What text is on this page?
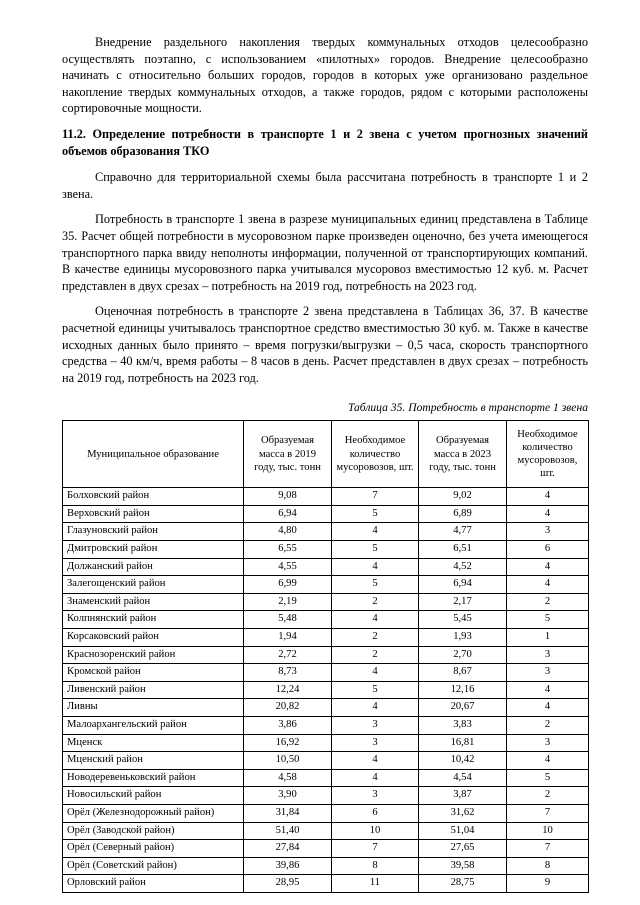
Внедрение раздельного накопления твердых коммунальных отходов целесообразно осуществлять поэтапно, с использованием «пилотных» городов. Внедрение целесообразно начинать с относительно больших городов, городов в которых уже организовано раздельное накопление твердых коммунальных отходов, а также городов, рядом с которыми расположены сортировочные мощности.

11.2. Определение потребности в транспорте 1 и 2 звена с учетом прогнозных значений объемов образования ТКО

Справочно для территориальной схемы была рассчитана потребность в транспорте 1 и 2 звена.

Потребность в транспорте 1 звена в разрезе муниципальных единиц представлена в Таблице 35. Расчет общей потребности в мусоровозном парке произведен оценочно, без учета имеющегося транспортного парка ввиду неполноты информации, полученной от транспортирующих компаний. В качестве единицы мусоровозного парка учитывался мусоровоз вместимостью 12 куб. м. Расчет представлен в двух срезах – потребность на 2019 год, потребность на 2023 год.

Оценочная потребность в транспорте 2 звена представлена в Таблицах 36, 37. В качестве расчетной единицы учитывалось транспортное средство вместимостью 30 куб. м. Также в качестве исходных данных было принято – время погрузки/выгрузки – 0,5 часа, скорость транспортного средства – 40 км/ч, время работы – 8 часов в день. Расчет представлен в двух срезах – потребность на 2019 год, потребность на 2023 год.

Таблица 35. Потребность в транспорте 1 звена
Муниципальное образование	Образуемая масса в 2019 году, тыс. тонн	Необходимое количество мусоровозов, шт.	Образуемая масса в 2023 году, тыс. тонн	Необходимое количество мусоровозов, шт.
Болховский район	9,08	7	9,02	4
Верховский район	6,94	5	6,89	4
Глазуновский район	4,80	4	4,77	3
Дмитровский район	6,55	5	6,51	6
Должанский район	4,55	4	4,52	4
Залегощенский район	6,99	5	6,94	4
Знаменский район	2,19	2	2,17	2
Колпнянский район	5,48	4	5,45	5
Корсаковский район	1,94	2	1,93	1
Краснозоренский район	2,72	2	2,70	3
Кромской район	8,73	4	8,67	3
Ливенский район	12,24	5	12,16	4
Ливны	20,82	4	20,67	4
Малоархангельский район	3,86	3	3,83	2
Мценск	16,92	3	16,81	3
Мценский район	10,50	4	10,42	4
Новодеревеньковский район	4,58	4	4,54	5
Новосильский район	3,90	3	3,87	2
Орёл (Железнодорожный район)	31,84	6	31,62	7
Орёл (Заводской район)	51,40	10	51,04	10
Орёл (Северный район)	27,84	7	27,65	7
Орёл (Советский район)	39,86	8	39,58	8
Орловский район	28,95	11	28,75	9
